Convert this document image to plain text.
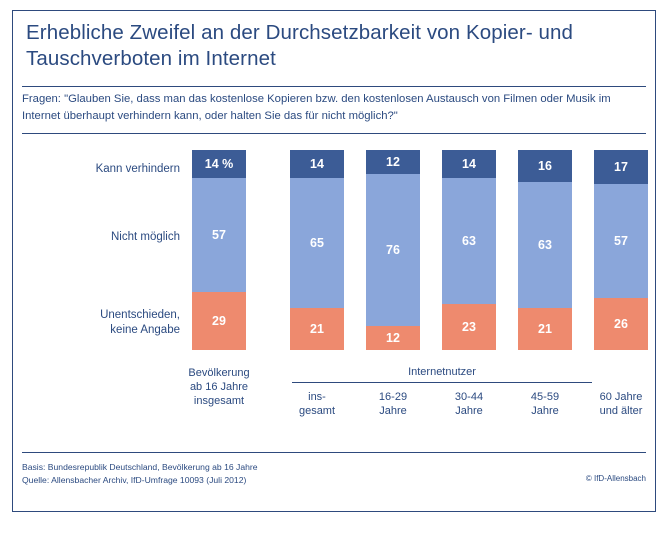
Erhebliche Zweifel an der Durchsetzbarkeit von Kopier- und Tauschverboten im Internet
Fragen: "Glauben Sie, dass man das kostenlose Kopieren bzw. den kostenlosen Austausch von Filmen oder Musik im Internet überhaupt verhindern kann, oder halten Sie das für nicht möglich?"
Kann verhindern
Nicht möglich
Unentschieden,
keine Angabe
14 %
57
29
Bevölkerung
ab 16 Jahre
insgesamt
Internetnutzer
14
65
21
ins-
gesamt
12
76
12
16-29
Jahre
14
63
23
30-44
Jahre
16
63
21
45-59
Jahre
17
57
26
60 Jahre
und älter
Basis: Bundesrepublik Deutschland, Bevölkerung ab 16 Jahre
Quelle: Allensbacher Archiv, IfD-Umfrage 10093 (Juli 2012)	© IfD-Allensbach
